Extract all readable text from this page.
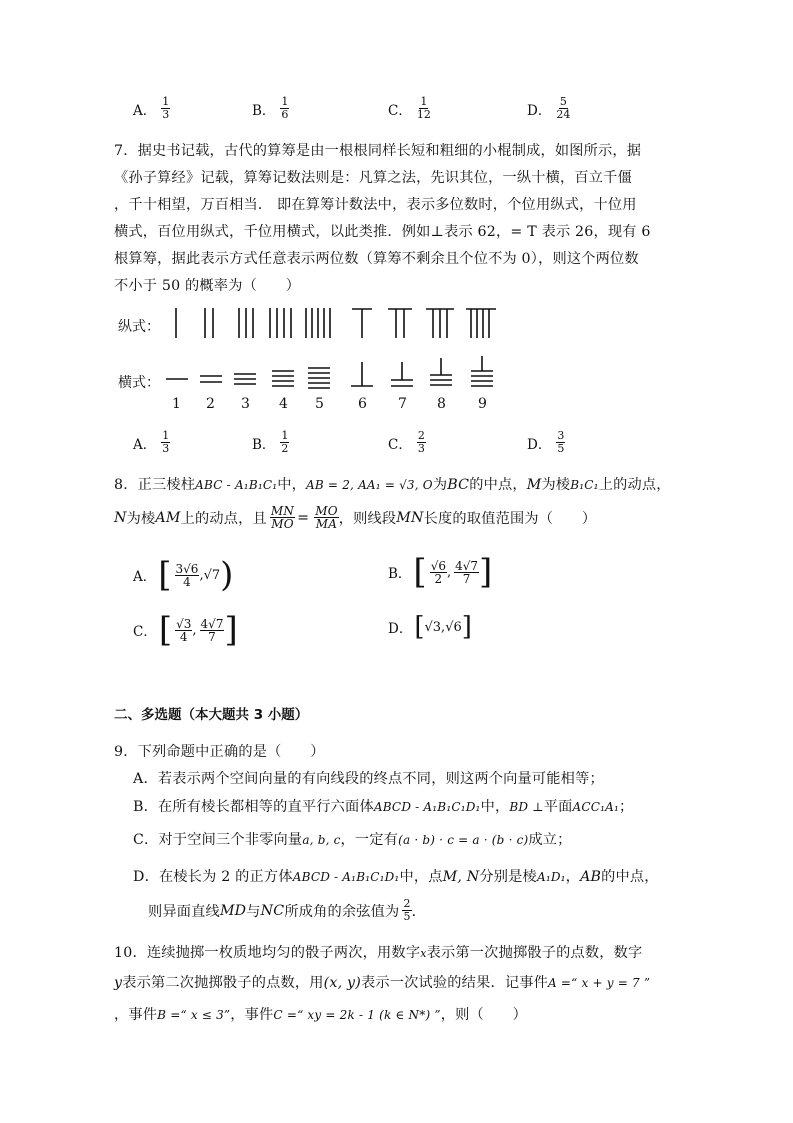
A． $\frac{1}{3}$	B． $\frac{1}{6}$	C． $\frac{1}{12}$	D． $\frac{5}{24}$
7．据史书记载，古代的算筹是由一根根同样长短和粗细的小棍制成，如图所示，据
《孙子算经》记载，算筹记数法则是：凡算之法，先识其位，一纵十横，百立千僵
，千十相望，万百相当． 即在算筹计数法中，表示多位数时，个位用纵式，十位用
横式，百位用纵式，千位用横式，以此类推．例如⊥表示 62，= T 表示 26，现有 6
根算筹，据此表示方式任意表示两位数（算筹不剩余且个位不为 0），则这个两位数
不小于 50 的概率为（　　）
纵式：
横式：
1 2 3 4 5 6 7 8 9
A． $\frac{1}{3}$	B． $\frac{1}{2}$	C． $\frac{2}{3}$	D． $\frac{3}{5}$
8．正三棱柱ABC - A₁B₁C₁中，AB = 2, AA₁ = √3, O为BC的中点，M为棱B₁C₁上的动点，
N 为棱 AM 上的动点，且 $\frac{MN}{MO} = \frac{MO}{MA}$ ，则线段 MN 长度的取值范围为（　　）
A． [ $\frac{3√6}{4}$ , √7 )	B． [ $\frac{√6}{2}$ , $\frac{4√7}{7}$ ]
C． [ $\frac{√3}{4}$ , $\frac{4√7}{7}$ ]	D． [ √3 , √6 ]
二、多选题（本大题共 3 小题）
9．下列命题中正确的是（　　）
A．若表示两个空间向量的有向线段的终点不同，则这两个向量可能相等；
B．在所有棱长都相等的直平行六面体ABCD - A₁B₁C₁D₁中，BD ⊥平面ACC₁A₁；
C．对于空间三个非零向量a, b, c，一定有(a · b) · c = a · (b · c)成立；
D．在棱长为 2 的正方体ABCD - A₁B₁C₁D₁中，点M, N分别是棱A₁D₁，AB的中点，
则异面直线 MD 与 NC 所成角的余弦值为 $\frac{2}{5}$ ．
10．连续抛掷一枚质地均匀的骰子两次，用数字x表示第一次抛掷骰子的点数，数字
y表示第二次抛掷骰子的点数，用(x, y)表示一次试验的结果．记事件A =“ x + y = 7 ”
，事件B =“ x ≤ 3”，事件C =“ xy = 2k - 1 (k ∈ N*) ”，则（　　）
